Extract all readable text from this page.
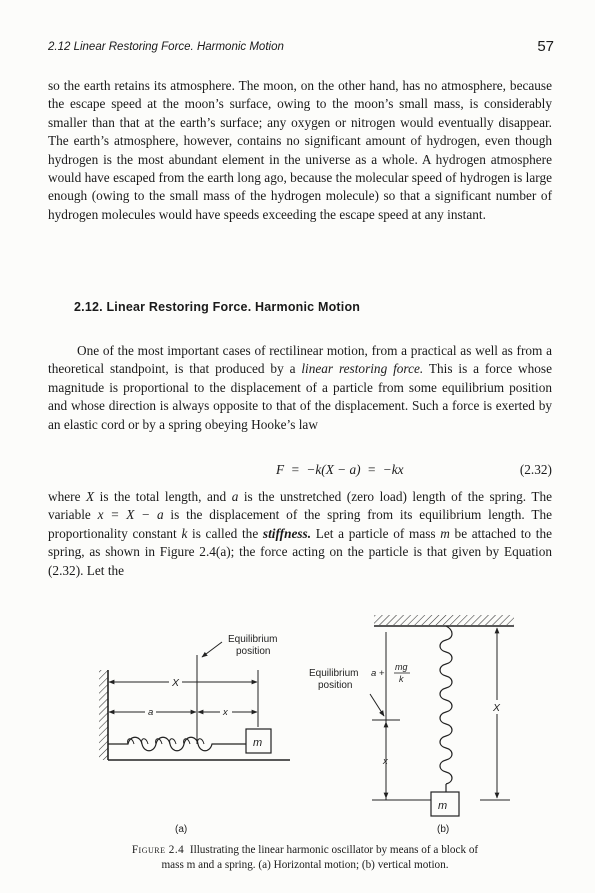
2.12 Linear Restoring Force. Harmonic Motion	57

so the earth retains its atmosphere. The moon, on the other hand, has no atmosphere, because the escape speed at the moon’s surface, owing to the moon’s small mass, is considerably smaller than that at the earth’s surface; any oxygen or nitrogen would eventually disappear. The earth’s atmosphere, however, contains no significant amount of hydrogen, even though hydrogen is the most abundant element in the universe as a whole. A hydrogen atmosphere would have escaped from the earth long ago, because the molecular speed of hydrogen is large enough (owing to the small mass of the hydrogen molecule) so that a significant number of hydrogen molecules would have speeds exceeding the escape speed at any instant.

2.12. Linear Restoring Force. Harmonic Motion

One of the most important cases of rectilinear motion, from a practical as well as from a theoretical standpoint, is that produced by a linear restoring force. This is a force whose magnitude is proportional to the displacement of a particle from some equilibrium position and whose direction is always opposite to that of the displacement. Such a force is exerted by an elastic cord or by a spring obeying Hooke’s law

F  =  −k(X − a)  =  −kx	(2.32)

where X is the total length, and a is the unstretched (zero load) length of the spring. The variable x = X − a is the displacement of the spring from its equilibrium length. The proportionality constant k is called the stiffness. Let a particle of mass m be attached to the spring, as shown in Figure 2.4(a); the force acting on the particle is that given by Equation (2.32). Let the

Equilibrium
position
X
a	x
m
m
x
Equilibrium
position
a +
mg
k
X
(a)	(b)
Figure 2.4 Illustrating the linear harmonic oscillator by means of a block of
mass m and a spring. (a) Horizontal motion; (b) vertical motion.
